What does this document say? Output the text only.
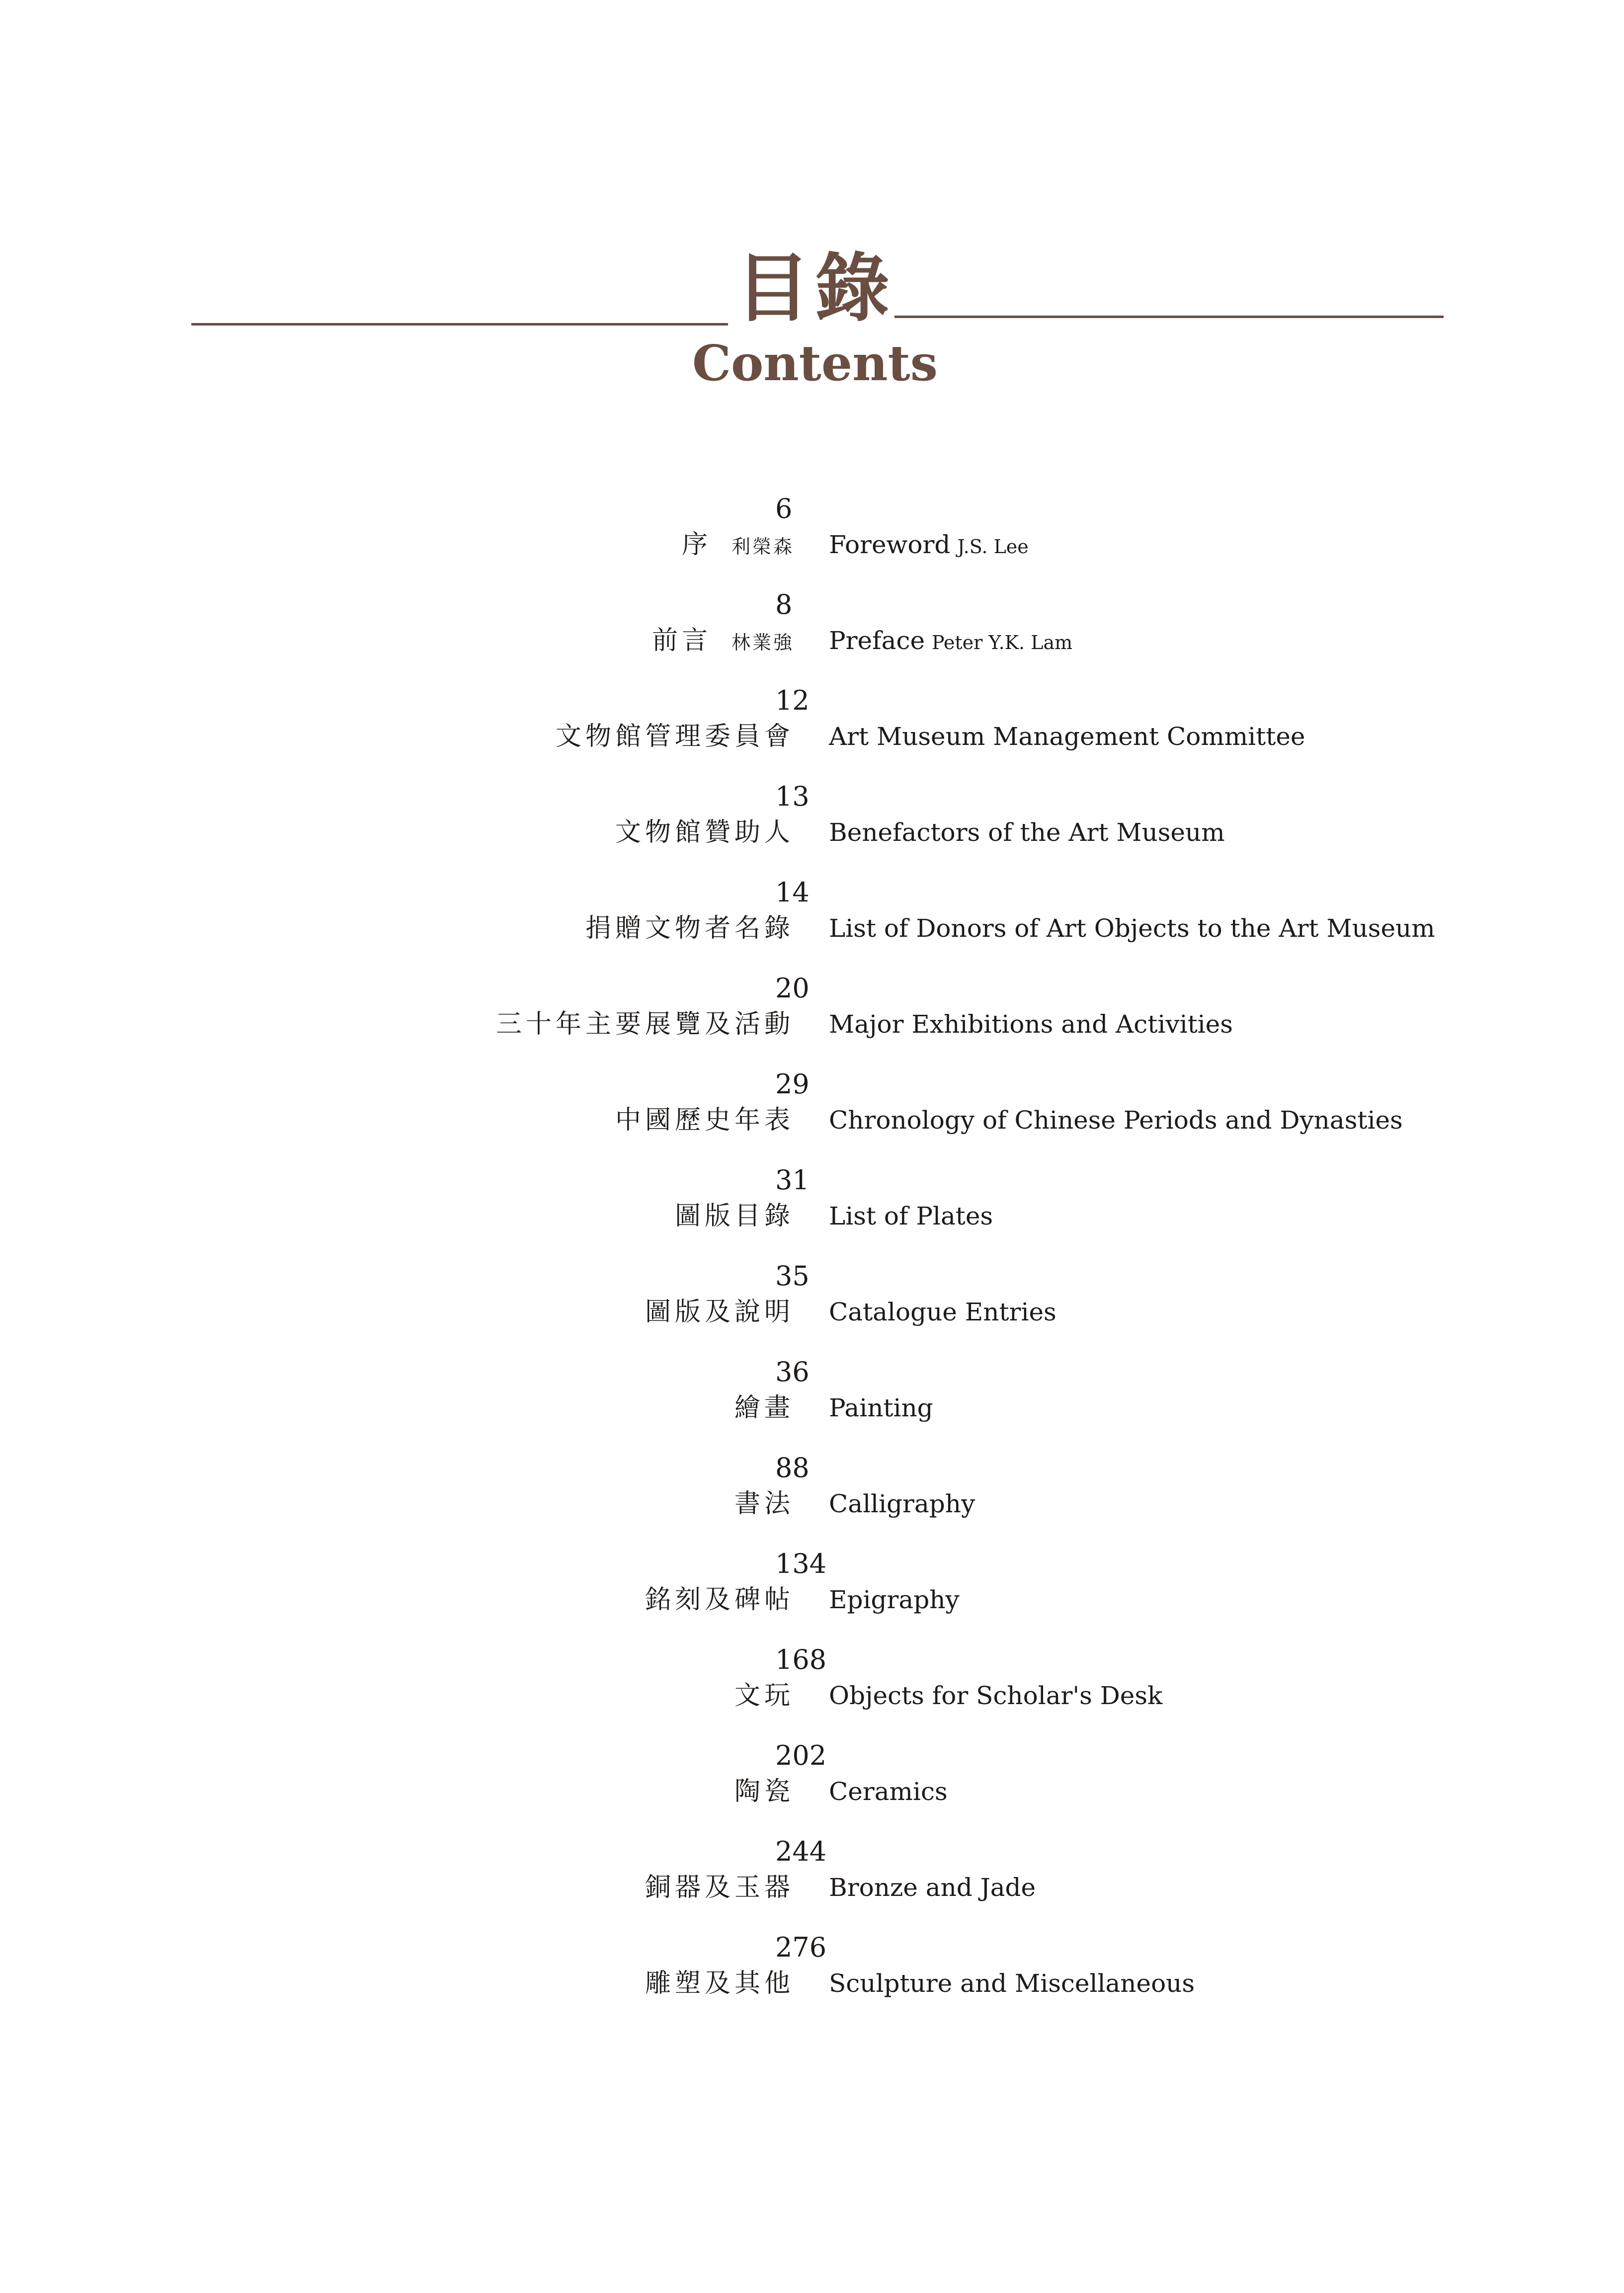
目錄
Contents
6
序 利榮森 Foreword J.S. Lee
8
前言 林業強 Preface Peter Y.K. Lam
12
文物館管理委員會 Art Museum Management Committee
13
文物館贊助人 Benefactors of the Art Museum
14
捐贈文物者名錄 List of Donors of Art Objects to the Art Museum
20
三十年主要展覽及活動 Major Exhibitions and Activities
29
中國歷史年表 Chronology of Chinese Periods and Dynasties
31
圖版目錄 List of Plates
35
圖版及說明 Catalogue Entries
36
繪畫 Painting
88
書法 Calligraphy
134
銘刻及碑帖 Epigraphy
168
文玩 Objects for Scholar's Desk
202
陶瓷 Ceramics
244
銅器及玉器 Bronze and Jade
276
雕塑及其他 Sculpture and Miscellaneous
